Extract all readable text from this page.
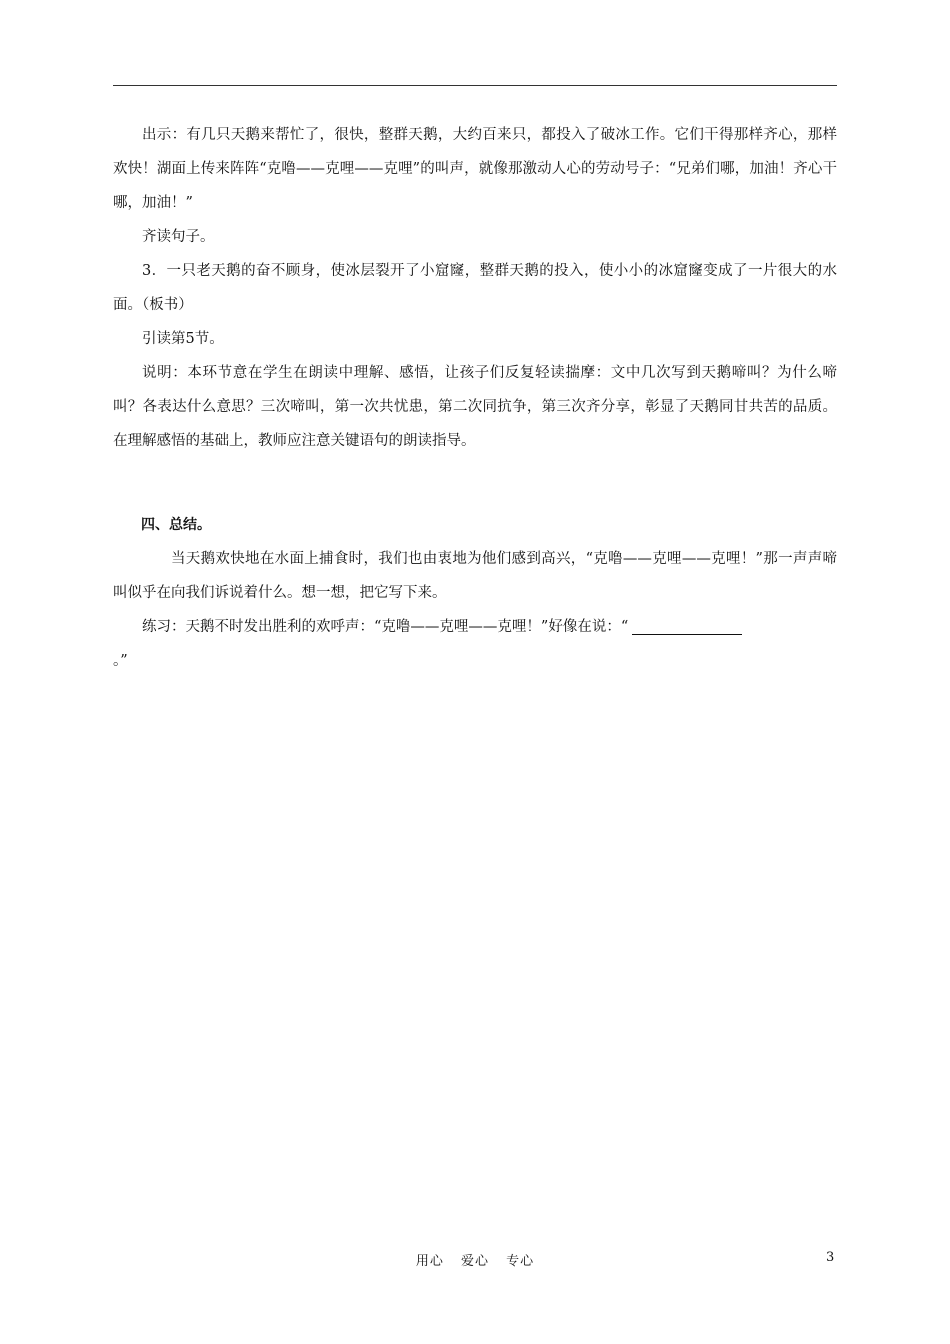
出示：有几只天鹅来帮忙了，很快，整群天鹅，大约百来只，都投入了破冰工作。它们干得那样齐心，那样欢快！湖面上传来阵阵“克噜——克哩——克哩”的叫声，就像那激动人心的劳动号子：“兄弟们哪，加油！齐心干哪，加油！”

齐读句子。

3．一只老天鹅的奋不顾身，使冰层裂开了小窟窿，整群天鹅的投入，使小小的冰窟窿变成了一片很大的水面。（板书）

引读第5节。

说明：本环节意在学生在朗读中理解、感悟，让孩子们反复轻读揣摩：文中几次写到天鹅啼叫？为什么啼叫？各表达什么意思？三次啼叫，第一次共忧患，第二次同抗争，第三次齐分享，彰显了天鹅同甘共苦的品质。在理解感悟的基础上，教师应注意关键语句的朗读指导。

四、总结。

当天鹅欢快地在水面上捕食时，我们也由衷地为他们感到高兴，“克噜——克哩——克哩！”那一声声啼叫似乎在向我们诉说着什么。想一想，把它写下来。

练习：天鹅不时发出胜利的欢呼声：“克噜——克哩——克哩！”好像在说：“

。”

用心 爱心 专心	3
